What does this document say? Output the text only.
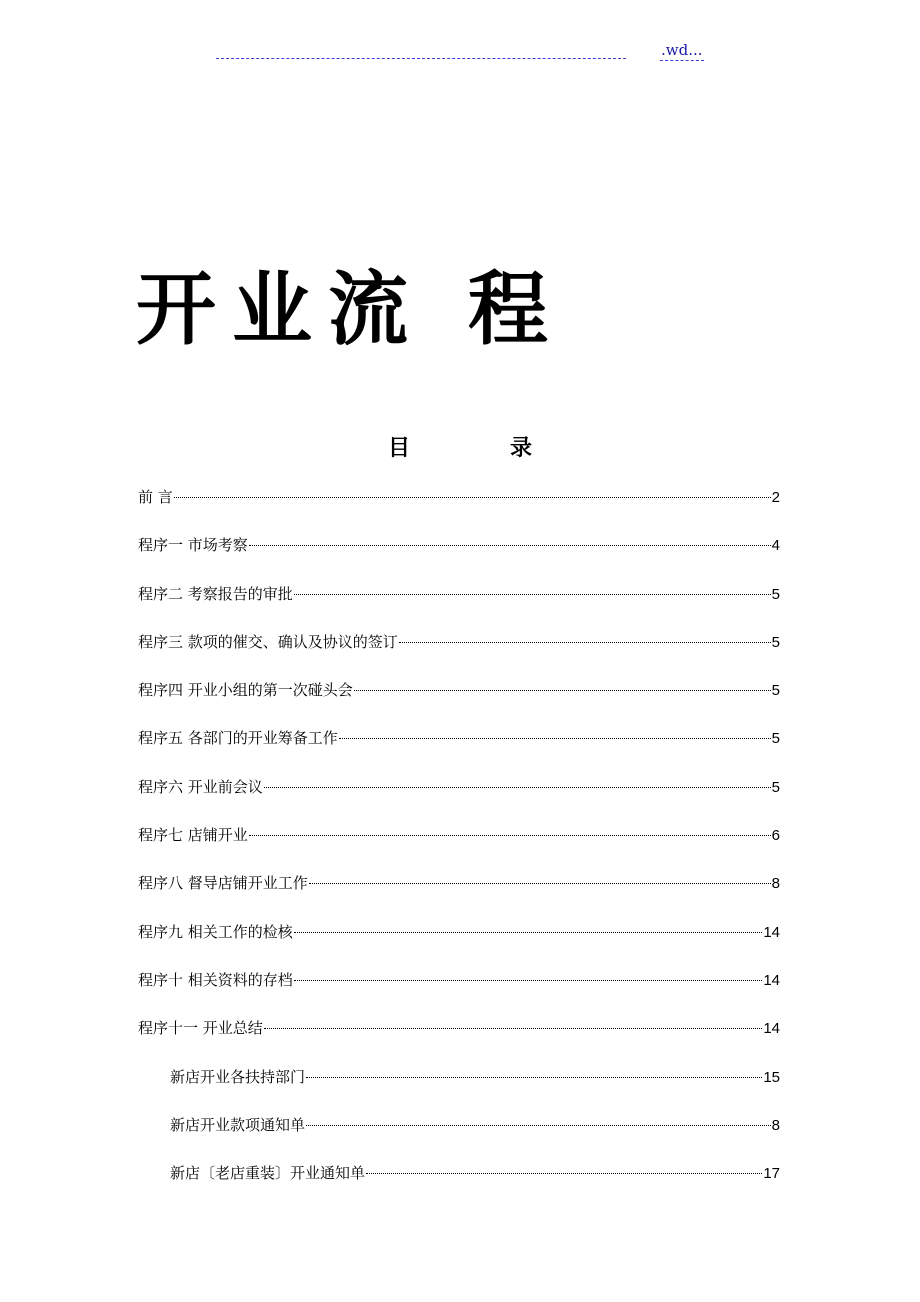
.wd...
开业流 程
目	录
前 言	2
程序一 市场考察	4
程序二 考察报告的审批	5
程序三 款项的催交、确认及协议的签订	5
程序四 开业小组的第一次碰头会	5
程序五 各部门的开业筹备工作	5
程序六 开业前会议	5
程序七 店铺开业	6
程序八 督导店铺开业工作	8
程序九 相关工作的检核	14
程序十 相关资料的存档	14
程序十一 开业总结	14
新店开业各扶持部门	15
新店开业款项通知单	8
新店〔老店重装〕开业通知单	17
